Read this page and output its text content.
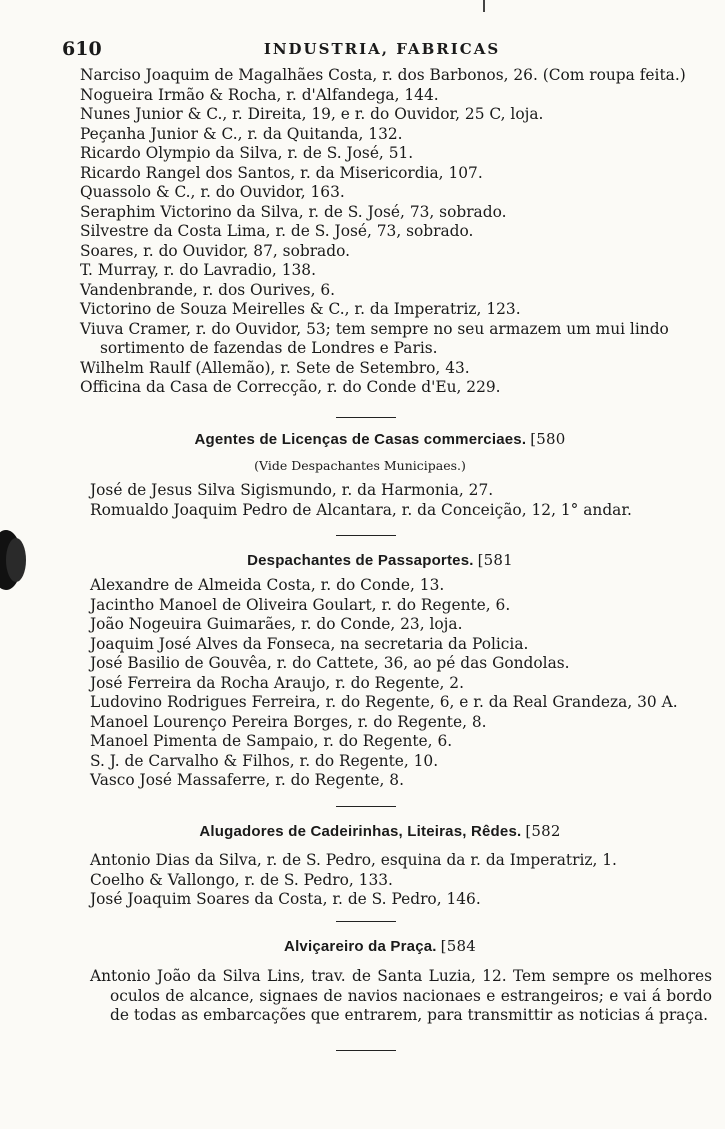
610	INDUSTRIA, FABRICAS
Narciso Joaquim de Magalhães Costa, r. dos Barbonos, 26. (Com roupa feita.)
Nogueira Irmão & Rocha, r. d'Alfandega, 144.
Nunes Junior & C., r. Direita, 19, e r. do Ouvidor, 25 C, loja.
Peçanha Junior & C., r. da Quitanda, 132.
Ricardo Olympio da Silva, r. de S. José, 51.
Ricardo Rangel dos Santos, r. da Misericordia, 107.
Quassolo & C., r. do Ouvidor, 163.
Seraphim Victorino da Silva, r. de S. José, 73, sobrado.
Silvestre da Costa Lima, r. de S. José, 73, sobrado.
Soares, r. do Ouvidor, 87, sobrado.
T. Murray, r. do Lavradio, 138.
Vandenbrande, r. dos Ourives, 6.
Victorino de Souza Meirelles & C., r. da Imperatriz, 123.
Viuva Cramer, r. do Ouvidor, 53; tem sempre no seu armazem um mui lindo sortimento de fazendas de Londres e Paris.
Wilhelm Raulf (Allemão), r. Sete de Setembro, 43.
Officina da Casa de Correcção, r. do Conde d'Eu, 229.
Agentes de Licenças de Casas commerciaes. [580
(Vide Despachantes Municipaes.)
José de Jesus Silva Sigismundo, r. da Harmonia, 27.
Romualdo Joaquim Pedro de Alcantara, r. da Conceição, 12, 1° andar.
Despachantes de Passaportes. [581
Alexandre de Almeida Costa, r. do Conde, 13.
Jacintho Manoel de Oliveira Goulart, r. do Regente, 6.
João Nogeuira Guimarães, r. do Conde, 23, loja.
Joaquim José Alves da Fonseca, na secretaria da Policia.
José Basilio de Gouvêa, r. do Cattete, 36, ao pé das Gondolas.
José Ferreira da Rocha Araujo, r. do Regente, 2.
Ludovino Rodrigues Ferreira, r. do Regente, 6, e r. da Real Grandeza, 30 A.
Manoel Lourenço Pereira Borges, r. do Regente, 8.
Manoel Pimenta de Sampaio, r. do Regente, 6.
S. J. de Carvalho & Filhos, r. do Regente, 10.
Vasco José Massaferre, r. do Regente, 8.
Alugadores de Cadeirinhas, Liteiras, Rêdes. [582
Antonio Dias da Silva, r. de S. Pedro, esquina da r. da Imperatriz, 1.
Coelho & Vallongo, r. de S. Pedro, 133.
José Joaquim Soares da Costa, r. de S. Pedro, 146.
Alviçareiro da Praça. [584
Antonio João da Silva Lins, trav. de Santa Luzia, 12. Tem sempre os melhores oculos de alcance, signaes de navios nacionaes e estrangeiros; e vai á bordo de todas as embarcações que entrarem, para transmittir as noticias á praça.
